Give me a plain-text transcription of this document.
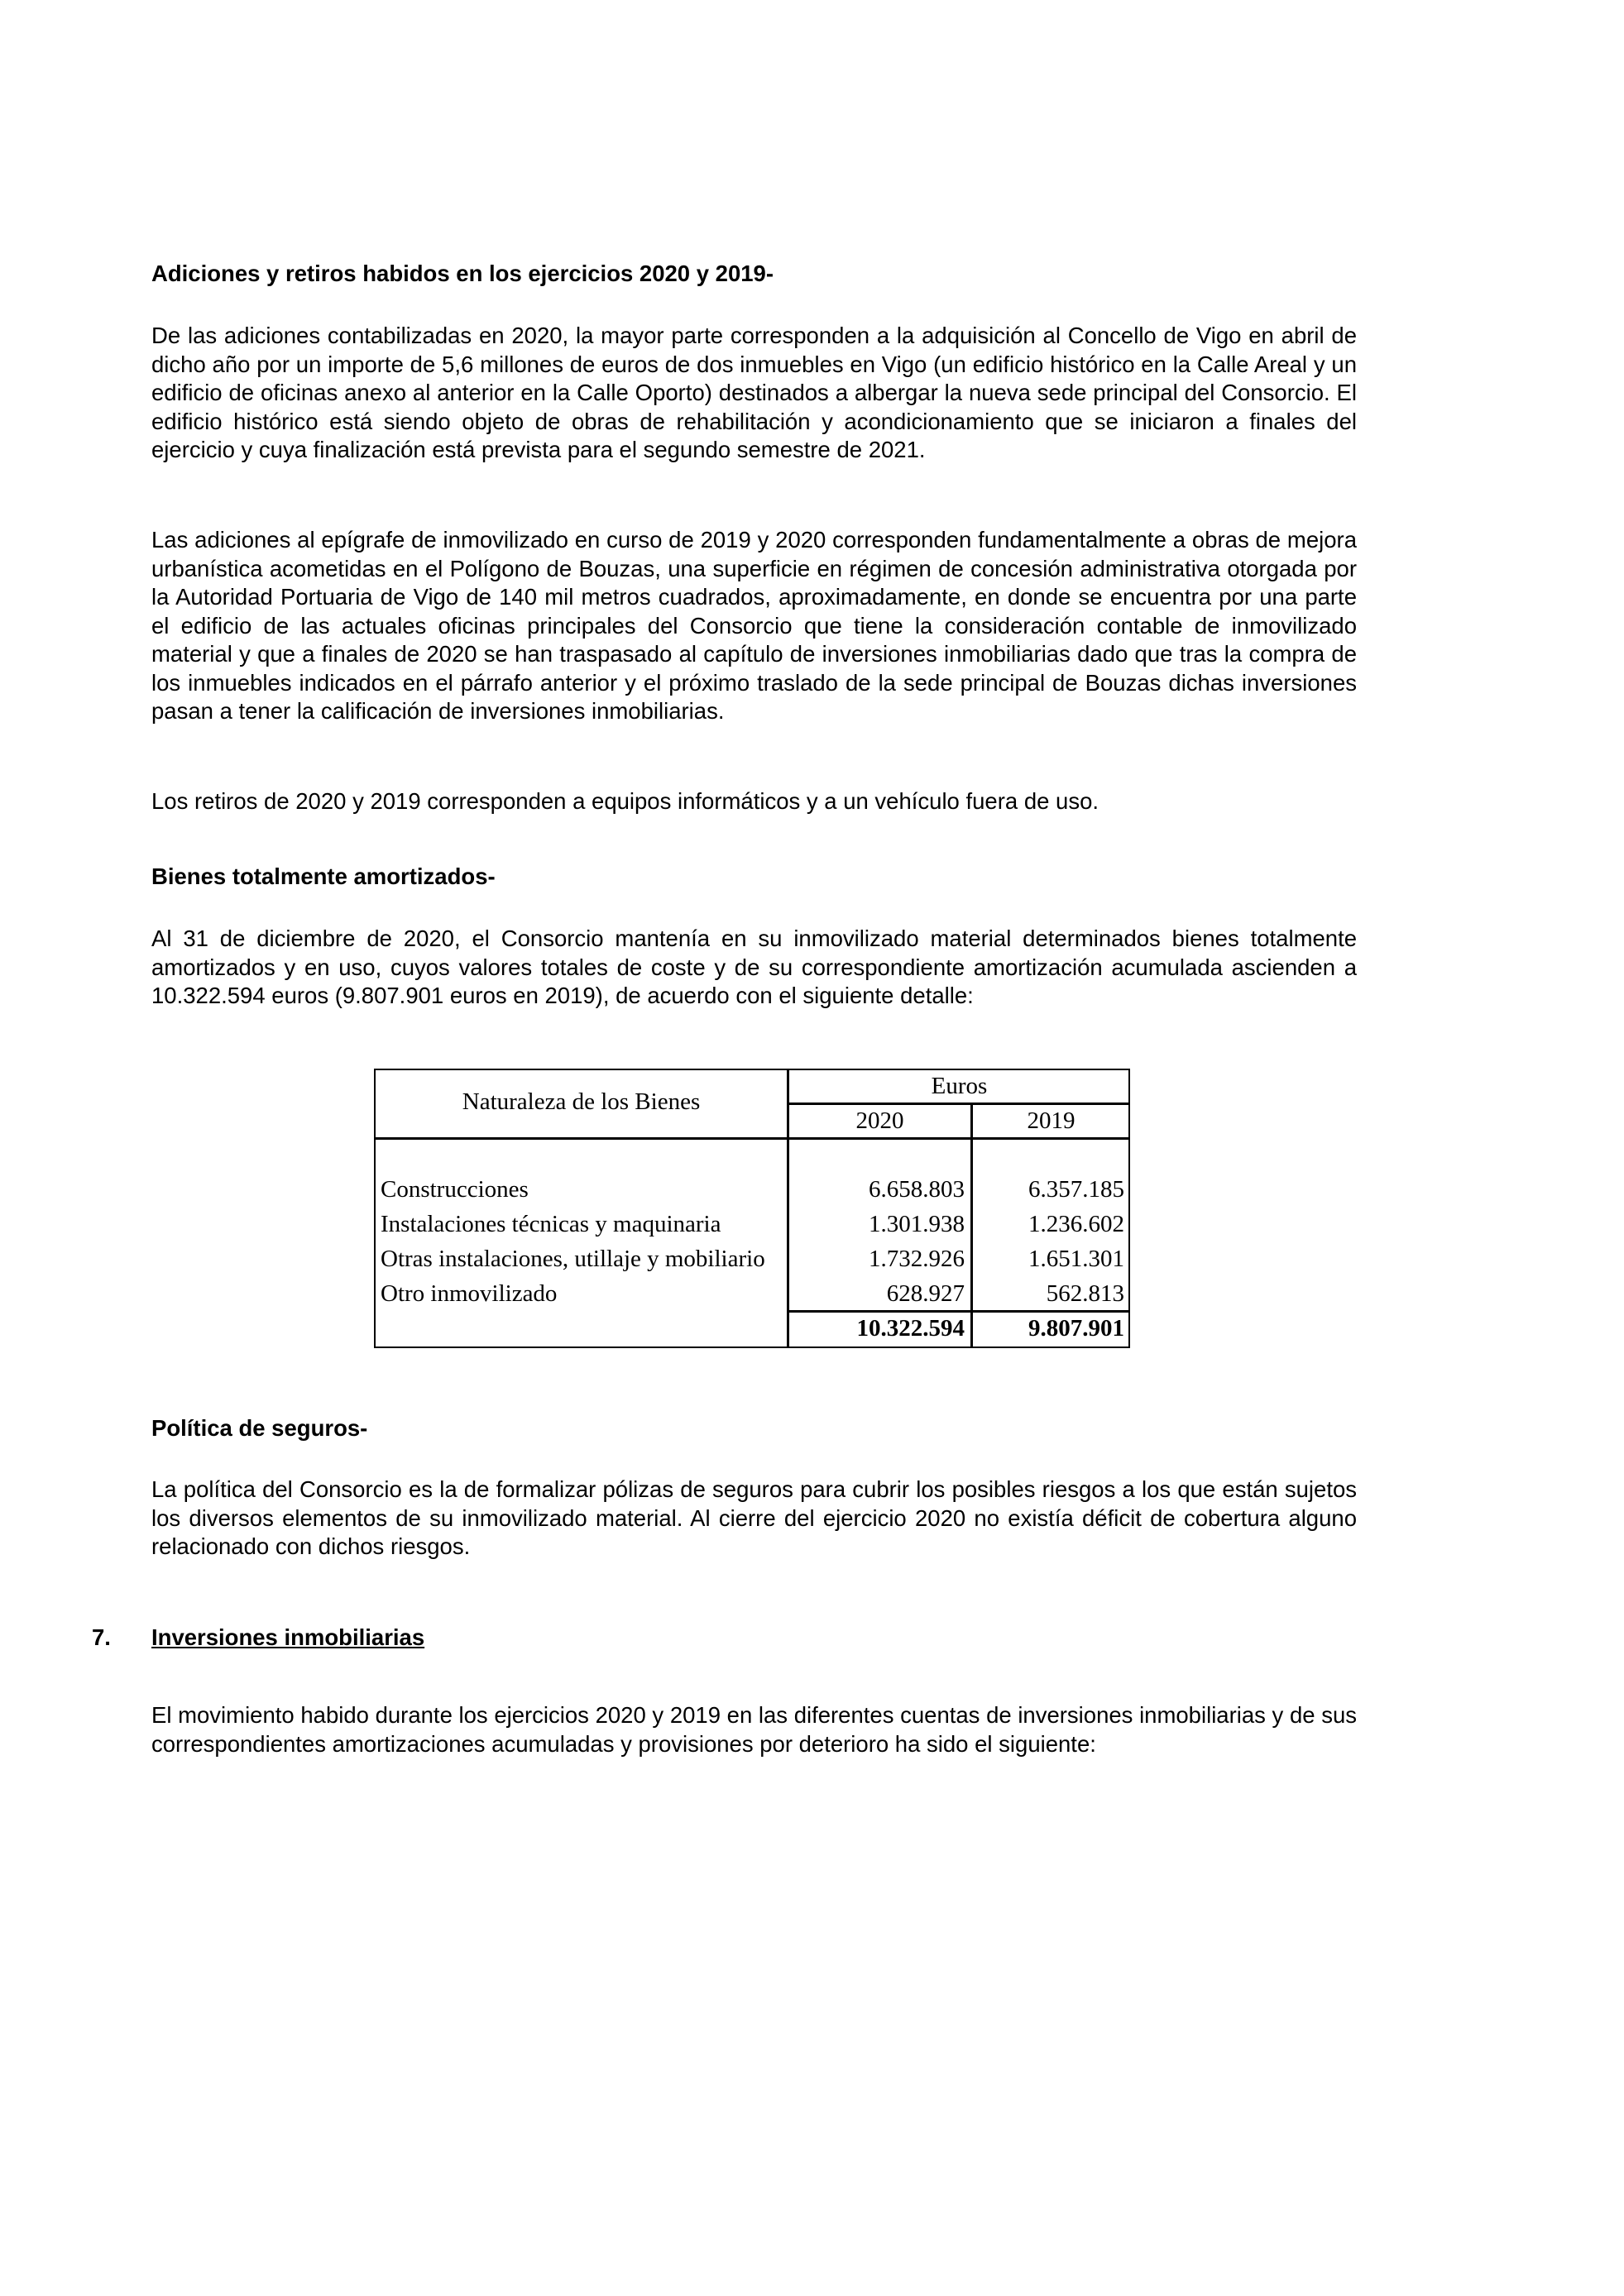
Adiciones y retiros habidos en los ejercicios 2020 y 2019-

De las adiciones contabilizadas en 2020, la mayor parte corresponden a la adquisición al Concello de Vigo en abril de dicho año por un importe de 5,6 millones de euros de dos inmuebles en Vigo (un edificio histórico en la Calle Areal y un edificio de oficinas anexo al anterior en la Calle Oporto) destinados a albergar la nueva sede principal del Consorcio. El edificio histórico está siendo objeto de obras de rehabilitación y acondicionamiento que se iniciaron a finales del ejercicio y cuya finalización está prevista para el segundo semestre de 2021.

Las adiciones al epígrafe de inmovilizado en curso de 2019 y 2020 corresponden fundamentalmente a obras de mejora urbanística acometidas en el Polígono de Bouzas, una superficie en régimen de concesión administrativa otorgada por la Autoridad Portuaria de Vigo de 140 mil metros cuadrados, aproximadamente, en donde se encuentra por una parte el edificio de las actuales oficinas principales del Consorcio que tiene la consideración contable de inmovilizado material y que a finales de 2020 se han traspasado al capítulo de inversiones inmobiliarias dado que tras la compra de los inmuebles indicados en el párrafo anterior y el próximo traslado de la sede principal de Bouzas dichas inversiones pasan a tener la calificación de inversiones inmobiliarias.

Los retiros de 2020 y 2019 corresponden a equipos informáticos y a un vehículo fuera de uso.

Bienes totalmente amortizados-

Al 31 de diciembre de 2020, el Consorcio mantenía en su inmovilizado material determinados bienes totalmente amortizados y en uso, cuyos valores totales de coste y de su correspondiente amortización acumulada ascienden a 10.322.594 euros (9.807.901 euros en 2019), de acuerdo con el siguiente detalle:

Naturaleza de los Bienes
Euros
2020	2019
Construcciones	6.658.803	6.357.185
Instalaciones técnicas y maquinaria	1.301.938	1.236.602
Otras instalaciones, utillaje y mobiliario	1.732.926	1.651.301
Otro inmovilizado	628.927	562.813
10.322.594	9.807.901
Política de seguros-

La política del Consorcio es la de formalizar pólizas de seguros para cubrir los posibles riesgos a los que están sujetos los diversos elementos de su inmovilizado material. Al cierre del ejercicio 2020 no existía déficit de cobertura alguno relacionado con dichos riesgos.

7. Inversiones inmobiliarias

El movimiento habido durante los ejercicios 2020 y 2019 en las diferentes cuentas de inversiones inmobiliarias y de sus correspondientes amortizaciones acumuladas y provisiones por deterioro ha sido el siguiente:
